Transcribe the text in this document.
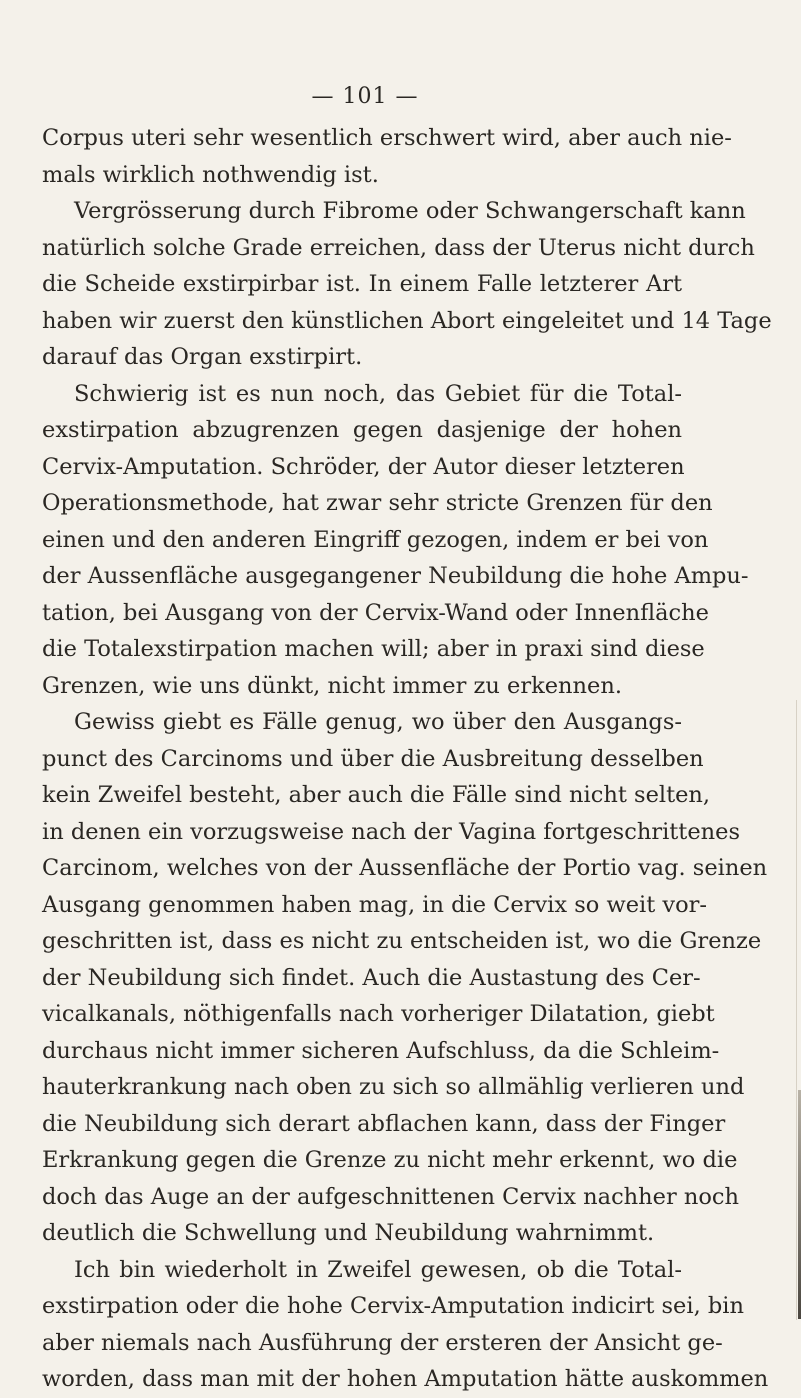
— 101 —
Corpus uteri sehr wesentlich erschwert wird, aber auch nie-
mals wirklich nothwendig ist.
Vergrösserung durch Fibrome oder Schwangerschaft kann
natürlich solche Grade erreichen, dass der Uterus nicht durch
die Scheide exstirpirbar ist. In einem Falle letzterer Art
haben wir zuerst den künstlichen Abort eingeleitet und 14 Tage
darauf das Organ exstirpirt.
Schwierig ist es nun noch, das Gebiet für die Total-
exstirpation abzugrenzen gegen dasjenige der hohen
Cervix-Amputation. Schröder, der Autor dieser letzteren
Operationsmethode, hat zwar sehr stricte Grenzen für den
einen und den anderen Eingriff gezogen, indem er bei von
der Aussenfläche ausgegangener Neubildung die hohe Ampu-
tation, bei Ausgang von der Cervix-Wand oder Innenfläche
die Totalexstirpation machen will; aber in praxi sind diese
Grenzen, wie uns dünkt, nicht immer zu erkennen.
Gewiss giebt es Fälle genug, wo über den Ausgangs-
punct des Carcinoms und über die Ausbreitung desselben
kein Zweifel besteht, aber auch die Fälle sind nicht selten,
in denen ein vorzugsweise nach der Vagina fortgeschrittenes
Carcinom, welches von der Aussenfläche der Portio vag. seinen
Ausgang genommen haben mag, in die Cervix so weit vor-
geschritten ist, dass es nicht zu entscheiden ist, wo die Grenze
der Neubildung sich findet. Auch die Austastung des Cer-
vicalkanals, nöthigenfalls nach vorheriger Dilatation, giebt
durchaus nicht immer sicheren Aufschluss, da die Schleim-
hauterkrankung nach oben zu sich so allmählig verlieren und
die Neubildung sich derart abflachen kann, dass der Finger
Erkrankung gegen die Grenze zu nicht mehr erkennt, wo die
doch das Auge an der aufgeschnittenen Cervix nachher noch
deutlich die Schwellung und Neubildung wahrnimmt.
Ich bin wiederholt in Zweifel gewesen, ob die Total-
exstirpation oder die hohe Cervix-Amputation indicirt sei, bin
aber niemals nach Ausführung der ersteren der Ansicht ge-
worden, dass man mit der hohen Amputation hätte auskommen
